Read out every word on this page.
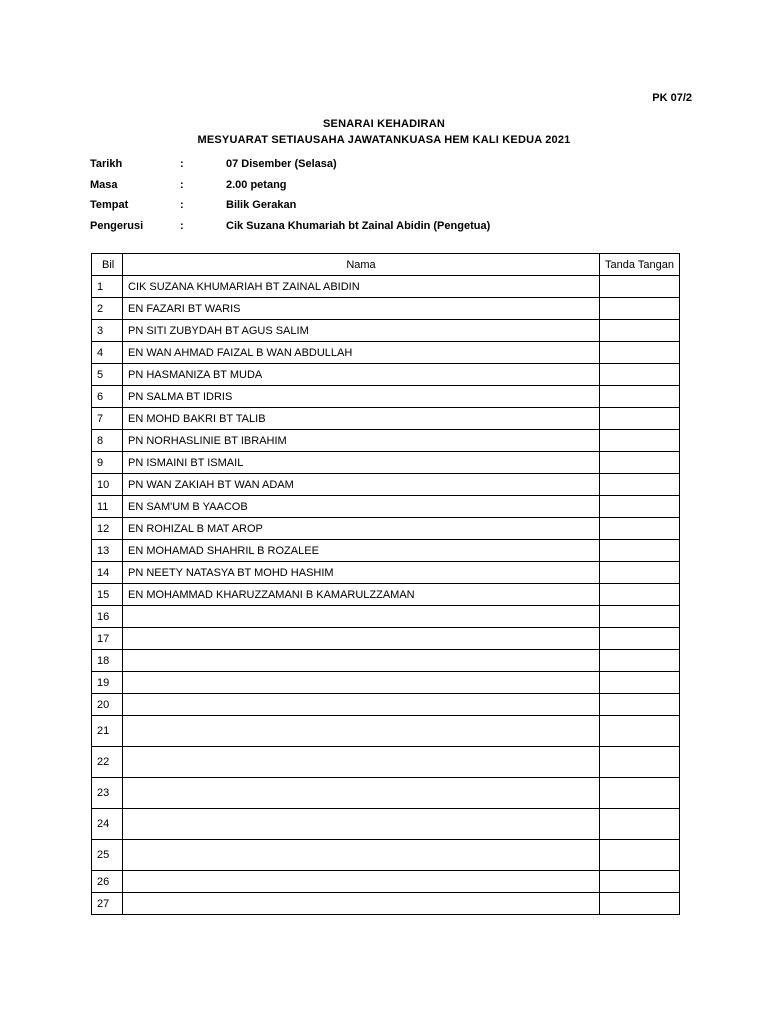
PK 07/2
SENARAI KEHADIRAN
MESYUARAT SETIAUSAHA JAWATANKUASA HEM KALI KEDUA 2021
Tarikh	:	07 Disember (Selasa)
Masa	:	2.00 petang
Tempat	:	Bilik Gerakan
Pengerusi	:	Cik Suzana Khumariah bt Zainal Abidin (Pengetua)
Bil	Nama	Tanda Tangan
1	CIK SUZANA KHUMARIAH BT ZAINAL ABIDIN	
2	EN FAZARI BT WARIS	
3	PN SITI ZUBYDAH BT AGUS SALIM	
4	EN WAN AHMAD FAIZAL B WAN ABDULLAH	
5	PN HASMANIZA BT MUDA	
6	PN SALMA BT IDRIS	
7	EN MOHD BAKRI BT TALIB	
8	PN NORHASLINIE BT IBRAHIM	
9	PN ISMAINI BT ISMAIL	
10	PN WAN ZAKIAH BT WAN ADAM	
11	EN SAM'UM B YAACOB	
12	EN ROHIZAL B MAT AROP	
13	EN MOHAMAD SHAHRIL B ROZALEE	
14	PN NEETY NATASYA BT MOHD HASHIM	
15	EN MOHAMMAD KHARUZZAMANI B KAMARULZZAMAN	
16		
17		
18		
19		
20		
21		
22		
23		
24		
25		
26		
27		
